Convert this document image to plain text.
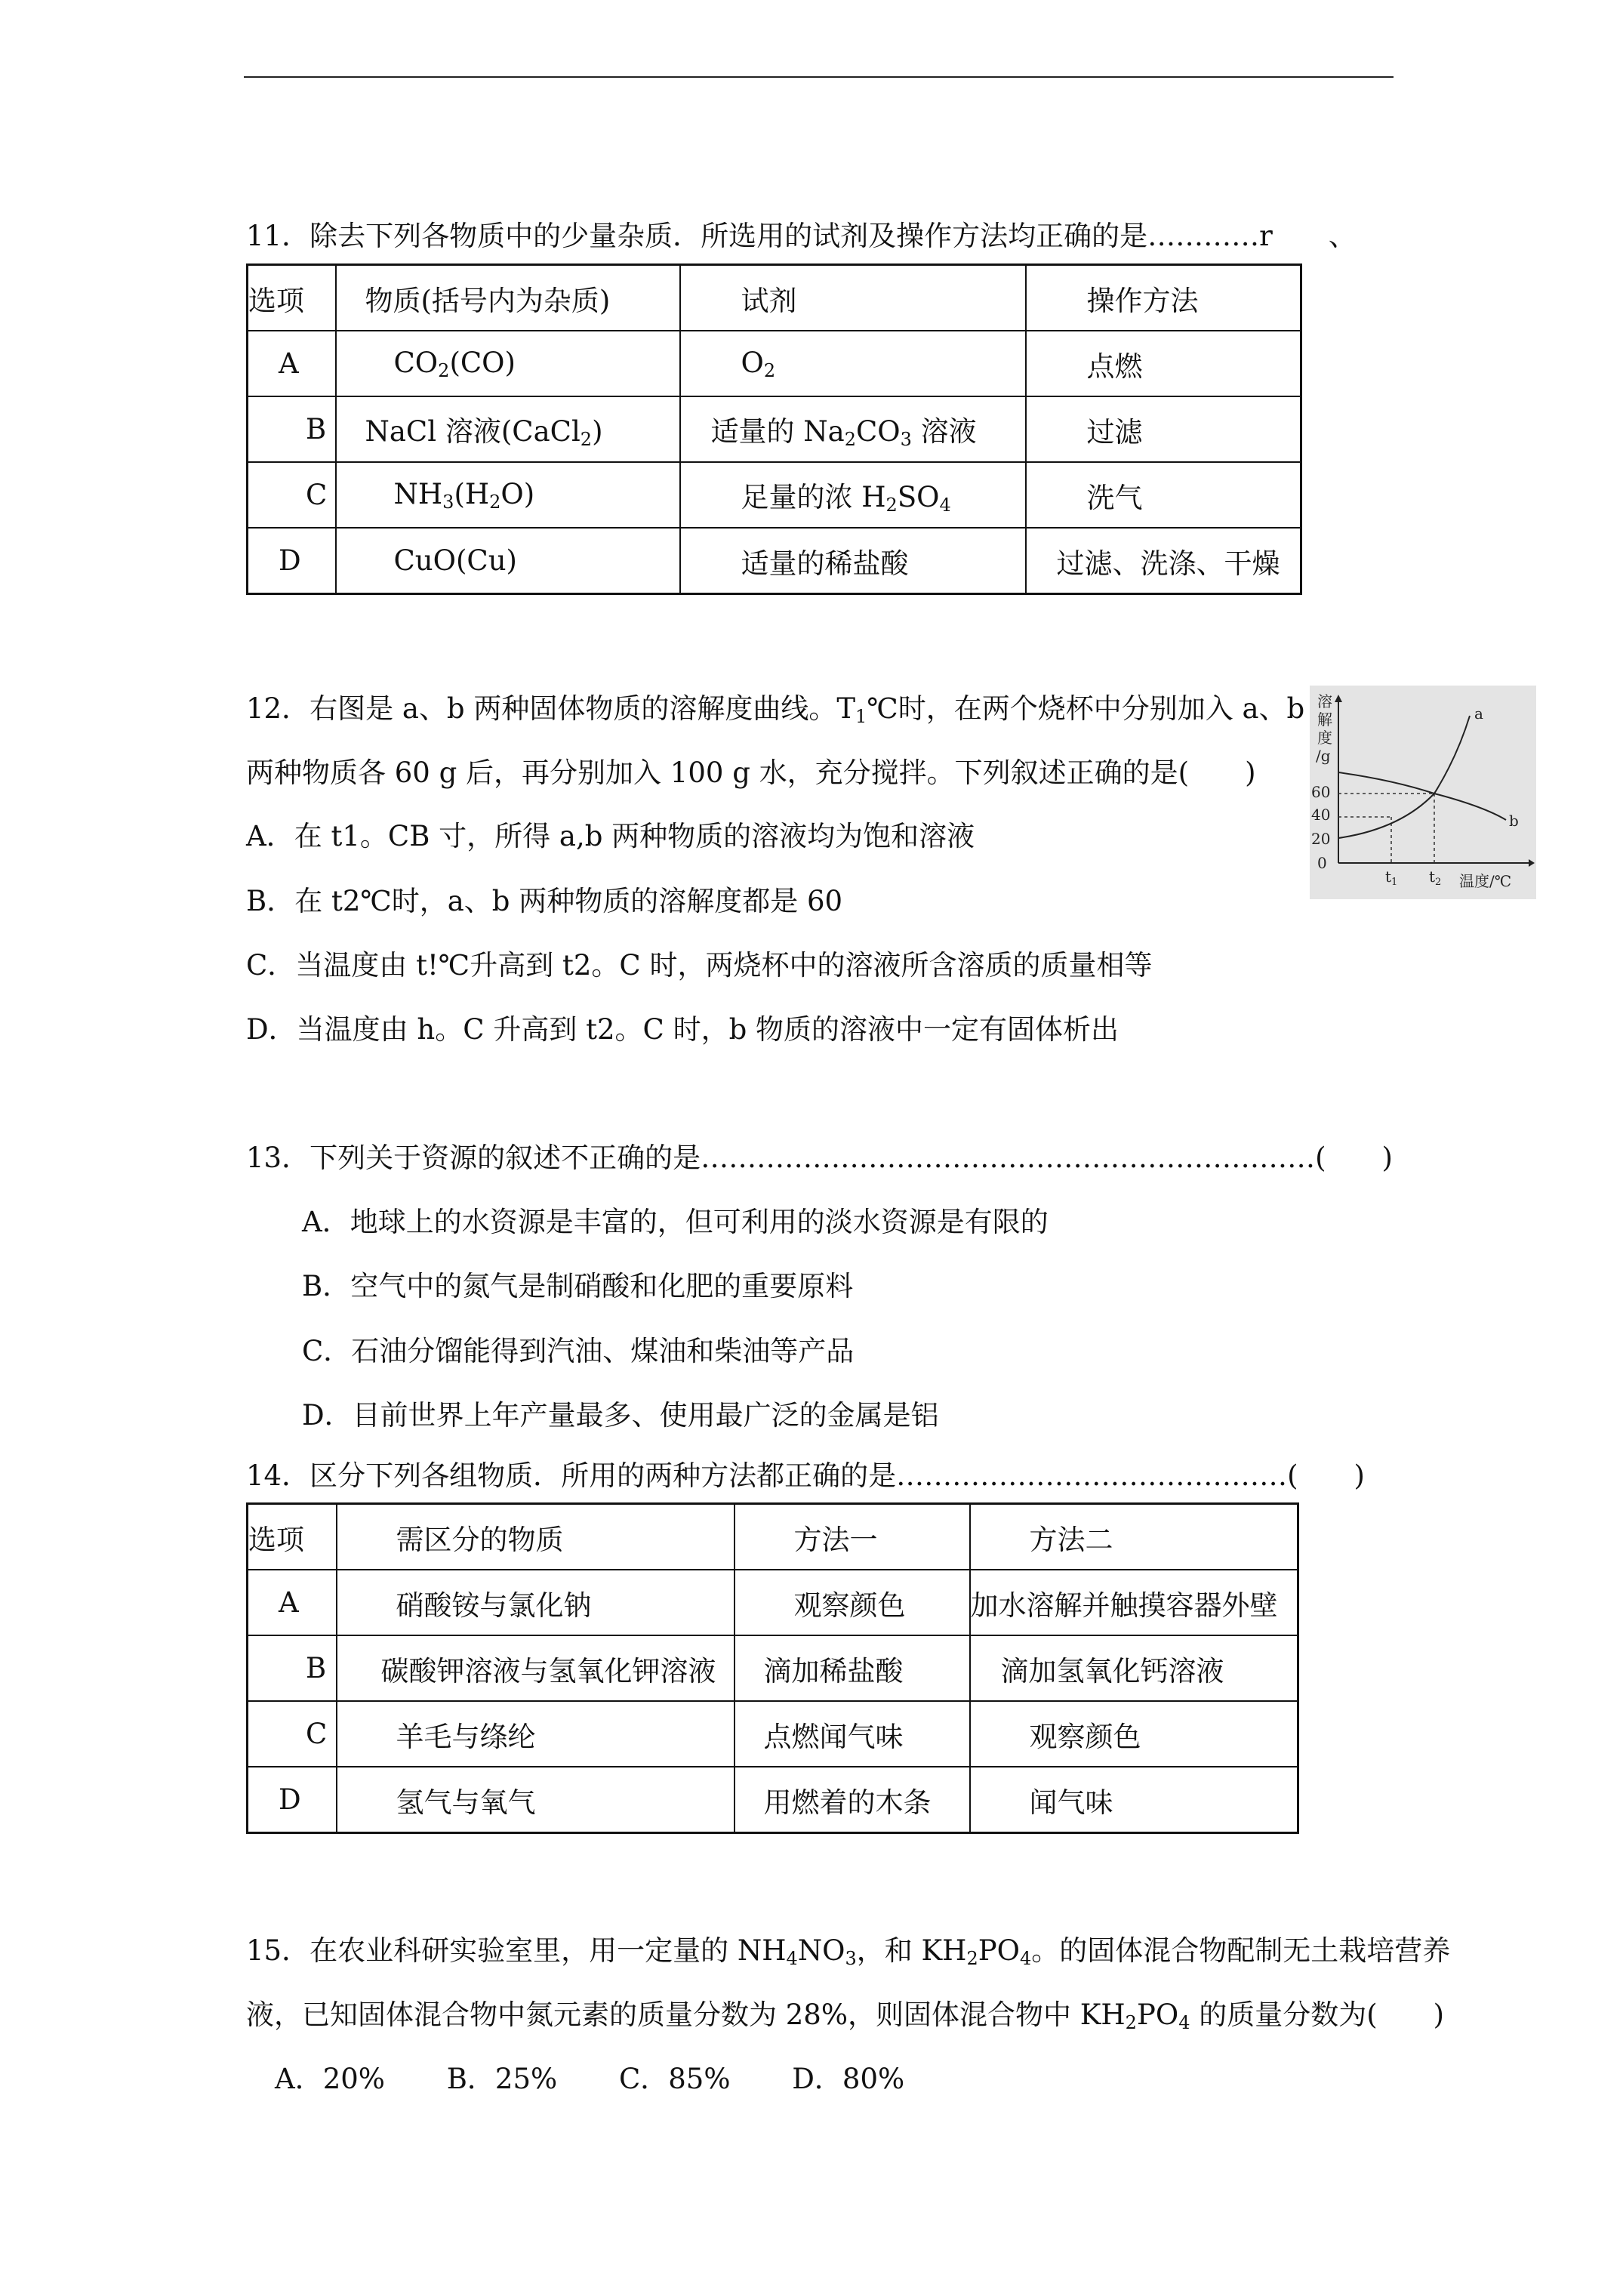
11．除去下列各物质中的少量杂质．所选用的试剂及操作方法均正确的是…………r　　、
选项	物质(括号内为杂质)	试剂	操作方法
A	$CO_2(CO)$	$O_2$	点燃
B	NaCl 溶液(CaCl$_2$)	适量的 $Na_2CO_3$ 溶液	过滤
C	$NH_3(H_2O)$	足量的浓 $H_2SO_4$	洗气
D	CuO(Cu)	适量的稀盐酸	过滤、洗涤、干燥
12．右图是 a、b 两种固体物质的溶解度曲线。$T_1℃$时，在两个烧杯中分别加入 a、b
两种物质各 60 g 后，再分别加入 100 g 水，充分搅拌。下列叙述正确的是(　　)
A．在 t1。CB 寸，所得 a,b 两种物质的溶液均为饱和溶液
B．在 t2℃时，a、b 两种物质的溶解度都是 60
C．当温度由 t!℃升高到 t2。C 时，两烧杯中的溶液所含溶质的质量相等
D．当温度由 h。C 升高到 t2。C 时，b 物质的溶液中一定有固体析出
溶
解
度
/g
60
40
20
0
a
b
$t_1$ $t_2$ 温度/℃
13．下列关于资源的叙述不正确的是…………………………………………………………(　　)
A．地球上的水资源是丰富的，但可利用的淡水资源是有限的
B．空气中的氮气是制硝酸和化肥的重要原料
C．石油分馏能得到汽油、煤油和柴油等产品
D．目前世界上年产量最多、使用最广泛的金属是铝
14．区分下列各组物质．所用的两种方法都正确的是……………………………………(　　)
选项	需区分的物质	方法一	方法二
A	硝酸铵与氯化钠	观察颜色	加水溶解并触摸容器外壁
B	碳酸钾溶液与氢氧化钾溶液	滴加稀盐酸	滴加氢氧化钙溶液
C	羊毛与绦纶	点燃闻气味	观察颜色
D	氢气与氧气	用燃着的木条	闻气味
15．在农业科研实验室里，用一定量的 $NH_4NO_3$，和 $KH_2PO_4$。的固体混合物配制无土栽培营养
液，已知固体混合物中氮元素的质量分数为 28%，则固体混合物中 $KH_2PO_4$ 的质量分数为(　　)
A．20% B．25% C．85% D．80%
